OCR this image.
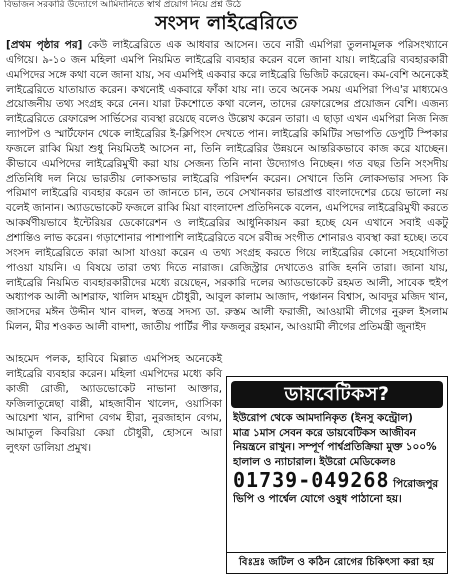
বিভাজন সরকারি উদ্যোগে আমিদানিতে স্বার্থ প্রয়োগ নিয়ে প্রশ্ন উঠে
সংসদ লাইব্রেরিতে

[প্রথম পৃষ্ঠার পর] কেউ লাইব্রেরিতে এক আধবার আসেন। তবে নারী এমপিরা তুলনামূলক পরিসংখ্যানে এগিয়ে। ৯-১০ জন মহিলা এমপি নিয়মিত লাইব্রেরি ব্যবহার করেন বলে জানা যায়। লাইব্রেরি ব্যবহারকারী এমপিদের সঙ্গে কথা বলে জানা যায়, সব এমপিই একবার করে লাইব্রেরি ভিজিট করেছেন। কম-বেশি অনেকেই লাইব্রেরিতে যাতায়াত করেন। কখনোই একবারে ফাঁকা যায় না। তবে অনেক সময় এমপিরা পিএ'র মাধ্যমেও প্রয়োজনীয় তথ্য সংগ্রহ করে নেন। যারা টকশোতে কথা বলেন, তাদের রেফারেন্সের প্রয়োজন বেশি। এজন্য লাইব্রেরিতে রেফারেন্স সার্ভিসের ব্যবস্থা রয়েছে বলেও উল্লেখ করেন তারা। এ ছাড়া এখন এমপিরা নিজ নিজ ল্যাপটপ ও স্মার্টফোন থেকে লাইব্রেরির ই-ক্লিপিংস দেখতে পান। লাইব্রেরি কমিটির সভাপতি ডেপুটি স্পিকার ফজলে রাব্বি মিয়া শুধু নিয়মিতই আসেন না, তিনি লাইব্রেরির উন্নয়নে আন্তরিকভাবে কাজ করে যাচ্ছেন। কীভাবে এমপিদের লাইব্রেরিমুখী করা যায় সেজন্য তিনি নানা উদ্যোগও নিচ্ছেন। গত বছর তিনি সংসদীয় প্রতিনিধি দল নিয়ে ভারতীয় লোকসভার লাইব্রেরি পরিদর্শন করেন। সেখানে তিনি লোকসভার সদস্য কি পরিমাণ লাইব্রেরি ব্যবহার করেন তা জানতে চান, তবে সেখানকার ভারপ্রাপ্ত বাংলাদেশের চেয়ে ভালো নয় বলেই জানান। অ্যাডভোকেট ফজলে রাব্বি মিয়া বাংলাদেশ প্রতিদিনকে বলেন, এমপিদের লাইব্রেরিমুখী করতে আকর্ষণীয়ভাবে ইন্টেরিয়র ডেকোরেশন ও লাইব্রেরির আধুনিকায়ন করা হচ্ছে যেন এখানে সবাই একটু প্রশান্তিও লাভ করেন। গড়াশোনার পাশাপাশি লাইব্রেরিতে বসে রবীন্দ্র সংগীত শোনারও ব্যবস্থা করা হচ্ছে। তবে সংসদ লাইব্রেরিতে কারা আসা যাওয়া করেন এ তথ্য সংগ্রহ করতে গিয়ে লাইব্রেরির কোনো সহযোগিতা পাওয়া যায়নি। এ বিষয়ে তারা তথ্য দিতে নারাজ। রেজিস্ট্রার দেখাতেও রাজি হননি তারা। জানা যায়, লাইব্রেরি নিয়মিত ব্যবহারকারীদের মধ্যে রয়েছেন, সরকারি দলের অ্যাডভোকেট রহমত আলী, সাবেক হুইপ অধ্যাপক আলী আশরাফ, খালিদ মাহমুদ চৌধুরী, আবুল কালাম আজাদ, পঞ্চানন বিশ্বাস, আবদুর মজিদ খান, জাসদের মঈন উদ্দীন খান বাদল, স্বতন্ত্র সদস্য ডা. রুস্তম আলী ফরাজী, আওয়ামী লীগের নুরুল ইসলাম মিলন, মীর শওকত আলী বাদশা, জাতীয় পার্টির পীর ফজলুর রহমান, আওয়ামী লীগের প্রতিমন্ত্রী জুনাইদ

আহমেদ পলক, হাবিবে মিল্লাত এমপিসহ অনেকেই লাইব্রেরি ব্যবহার করেন। মহিলা এমপিদের মধ্যে কবি কাজী রোজী, অ্যাডভোকেট নাভানা আক্তার, ফজিলাতুন্নেছা বাপ্পী, মাহজাবীন খালেদ, ওয়াসিকা আয়েশা খান, রাশিদা বেগম হীরা, নুরজাহান বেগম, আমাতুল কিবরিয়া কেয়া চৌধুরী, হোসনে আরা লুৎফা ডালিয়া প্রমুখ।

ডায়বেটিকস?
ইউরোপ থেকে আমদানিকৃত (ইনসু কন্ট্রোল)
মাত্র ১মাস সেবন করে ডায়বেটিকস আজীবন
নিয়ন্ত্রনে রাখুন। সম্পূর্ণ পার্শ্বপ্রতিক্রিয়া মুক্ত ১০০%
হালাল ও ন্যাচারাল। ইউরো মেডিকেল৪
01739-049268 পিরোজপুর
ভিপি ও পার্শ্বেল যোগে ওষুধ পাঠানো হয়।
বিঃদ্রঃ জটিল ও কঠিন রোগের চিকিৎসা করা হয়
